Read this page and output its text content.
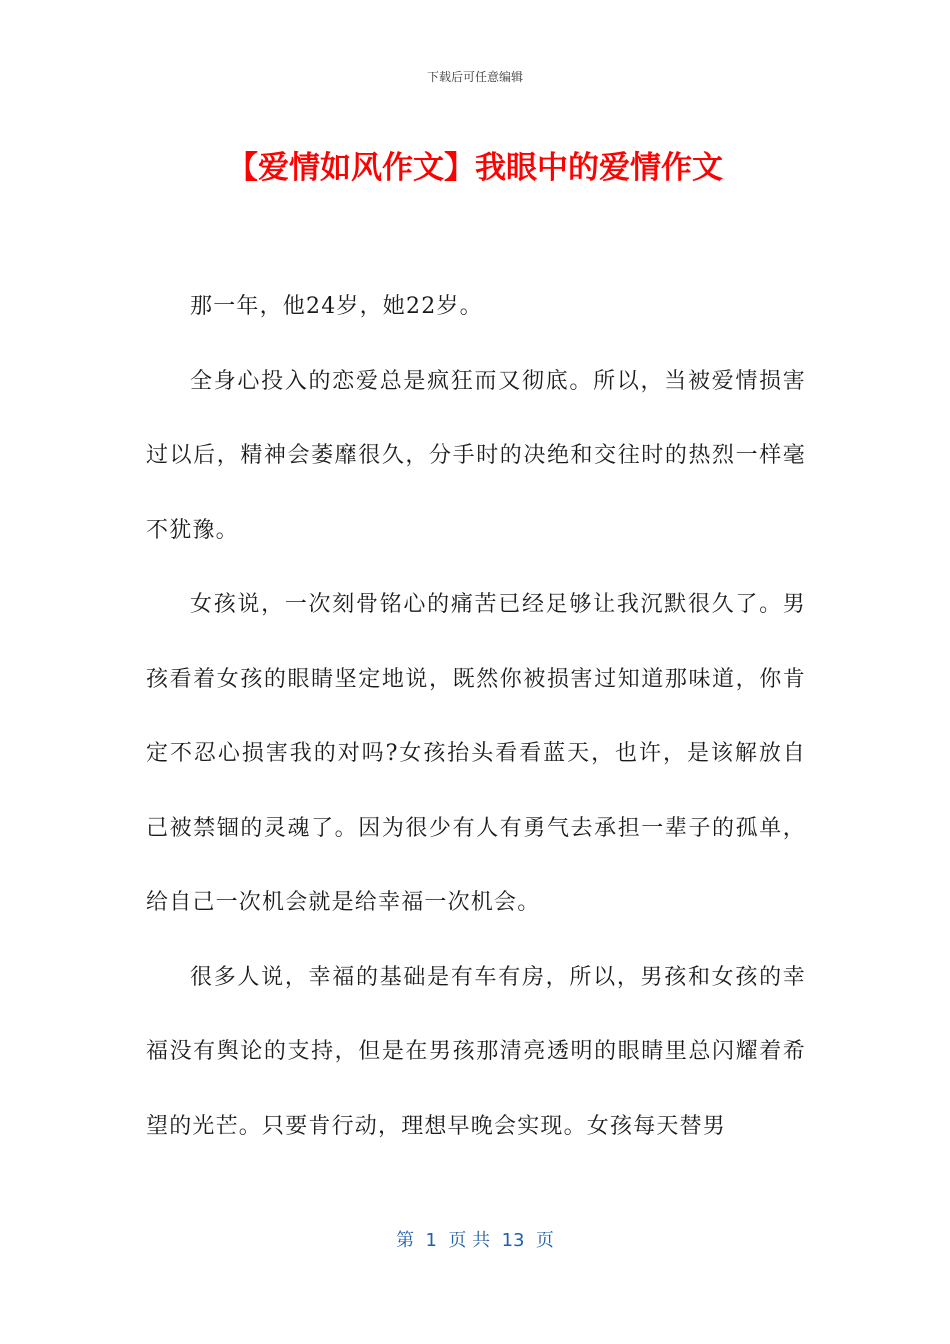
下载后可任意编辑
【爱情如风作文】我眼中的爱情作文

那一年，他24岁，她22岁。

全身心投入的恋爱总是疯狂而又彻底。所以，当被爱情损害过以后，精神会萎靡很久，分手时的决绝和交往时的热烈一样毫不犹豫。

女孩说，一次刻骨铭心的痛苦已经足够让我沉默很久了。男孩看着女孩的眼睛坚定地说，既然你被损害过知道那味道，你肯定不忍心损害我的对吗?女孩抬头看看蓝天，也许，是该解放自己被禁锢的灵魂了。因为很少有人有勇气去承担一辈子的孤单，给自己一次机会就是给幸福一次机会。

很多人说，幸福的基础是有车有房，所以，男孩和女孩的幸福没有舆论的支持，但是在男孩那清亮透明的眼睛里总闪耀着希望的光芒。只要肯行动，理想早晚会实现。女孩每天替男

第  1  页 共  13  页
